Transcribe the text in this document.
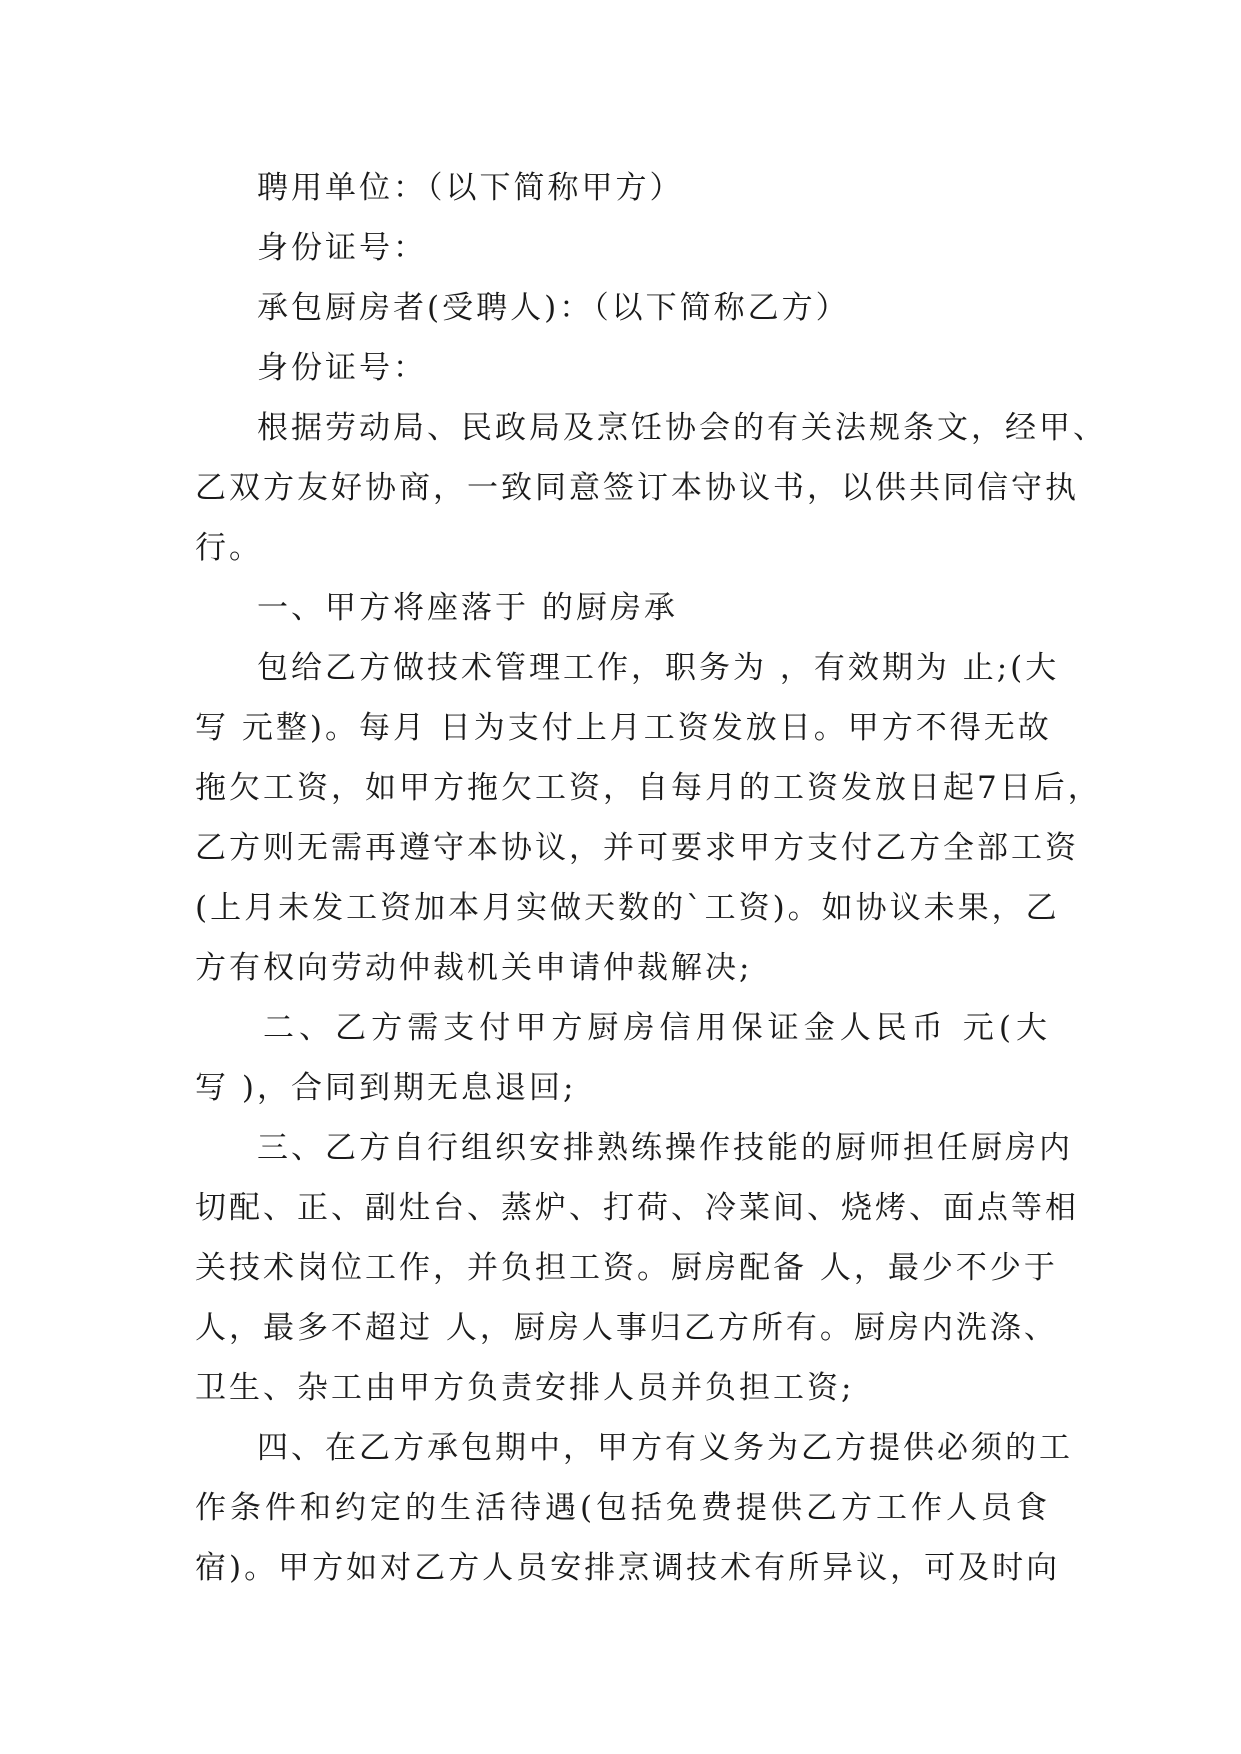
聘用单位：（以下简称甲方）
身份证号：
承包厨房者(受聘人)：（以下简称乙方）
身份证号：
根据劳动局、民政局及烹饪协会的有关法规条文，经甲、
乙双方友好协商，一致同意签订本协议书，以供共同信守执
行。
一、甲方将座落于 的厨房承
包给乙方做技术管理工作，职务为 ，有效期为 止;(大
写 元整)。每月 日为支付上月工资发放日。甲方不得无故
拖欠工资，如甲方拖欠工资，自每月的工资发放日起7日后，
乙方则无需再遵守本协议，并可要求甲方支付乙方全部工资
(上月未发工资加本月实做天数的`工资)。如协议未果，乙
方有权向劳动仲裁机关申请仲裁解决;
二、乙方需支付甲方厨房信用保证金人民币 元(大
写 )，合同到期无息退回;
三、乙方自行组织安排熟练操作技能的厨师担任厨房内
切配、正、副灶台、蒸炉、打荷、冷菜间、烧烤、面点等相
关技术岗位工作，并负担工资。厨房配备 人，最少不少于
人，最多不超过 人，厨房人事归乙方所有。厨房内洗涤、
卫生、杂工由甲方负责安排人员并负担工资;
四、在乙方承包期中，甲方有义务为乙方提供必须的工
作条件和约定的生活待遇(包括免费提供乙方工作人员食
宿)。甲方如对乙方人员安排烹调技术有所异议，可及时向
